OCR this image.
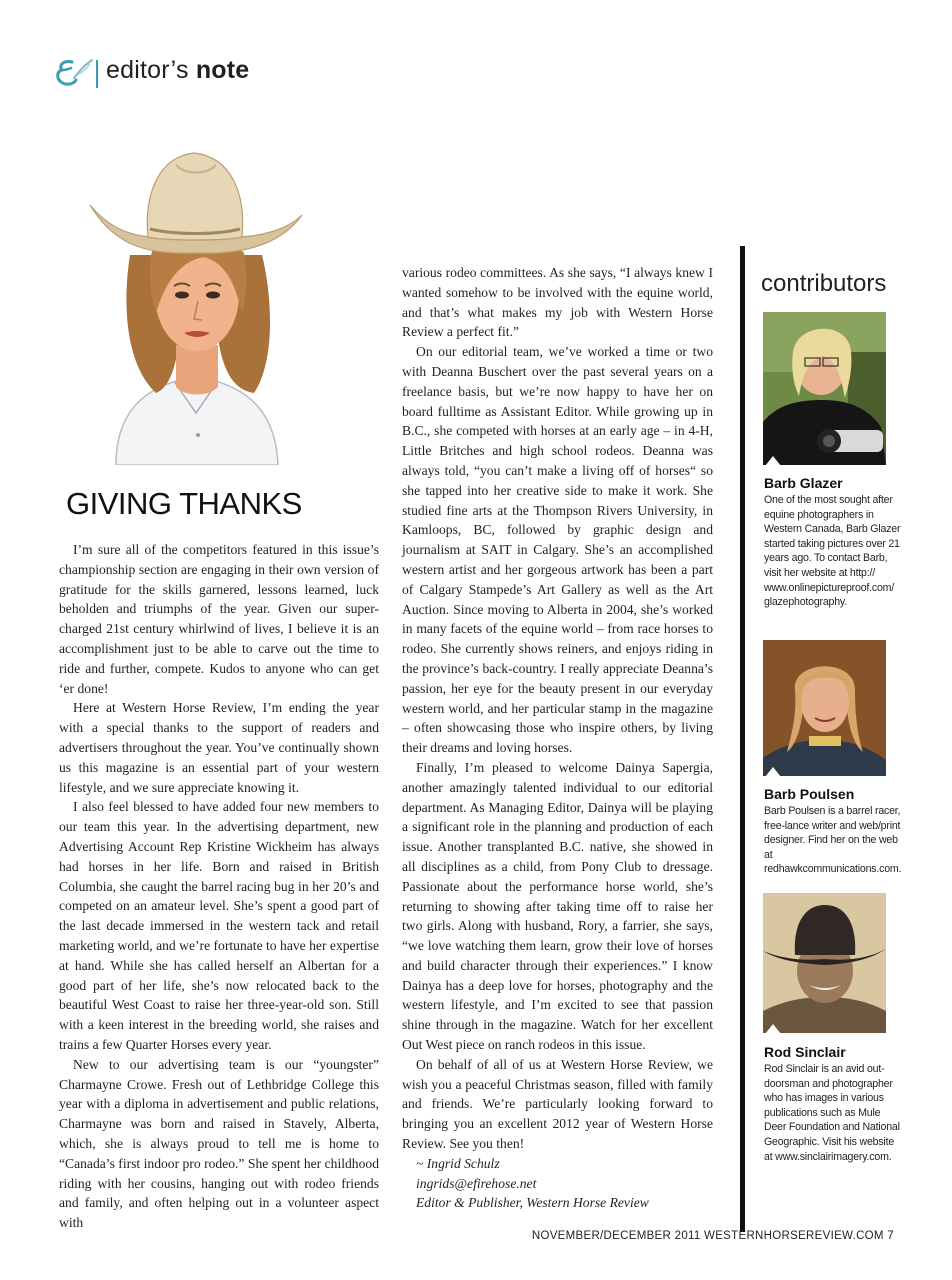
editor’s note
GIVING THANKS

I’m sure all of the competitors featured in this issue’s championship section are engaging in their own version of gratitude for the skills garnered, lessons learned, luck beholden and triumphs of the year. Given our super-charged 21st century whirlwind of lives, I believe it is an accomplishment just to be able to carve out the time to ride and further, compete. Kudos to anyone who can get ‘er done!

Here at Western Horse Review, I’m ending the year with a special thanks to the support of readers and advertisers throughout the year. You’ve continually shown us this magazine is an essential part of your western lifestyle, and we sure appreciate knowing it.

I also feel blessed to have added four new members to our team this year. In the advertising department, new Advertising Account Rep Kristine Wickheim has always had horses in her life. Born and raised in British Columbia, she caught the barrel racing bug in her 20’s and competed on an amateur level. She’s spent a good part of the last decade immersed in the western tack and retail marketing world, and we’re fortunate to have her expertise at hand. While she has called herself an Albertan for a good part of her life, she’s now relocated back to the beautiful West Coast to raise her three-year-old son. Still with a keen interest in the breeding world, she raises and trains a few Quarter Horses every year.

New to our advertising team is our “youngster” Charmayne Crowe. Fresh out of Lethbridge College this year with a diploma in advertisement and public relations, Charmayne was born and raised in Stavely, Alberta, which, she is always proud to tell me is home to “Canada’s first indoor pro rodeo.” She spent her childhood riding with her cousins, hanging out with rodeo friends and family, and often helping out in a volunteer aspect with

various rodeo committees. As she says, “I always knew I wanted somehow to be involved with the equine world, and that’s what makes my job with Western Horse Review a perfect fit.”

On our editorial team, we’ve worked a time or two with Deanna Buschert over the past several years on a freelance basis, but we’re now happy to have her on board fulltime as Assistant Editor. While growing up in B.C., she competed with horses at an early age – in 4-H, Little Britches and high school rodeos. Deanna was always told, “you can’t make a living off of horses“ so she tapped into her creative side to make it work. She studied fine arts at the Thompson Rivers University, in Kamloops, BC, followed by graphic design and journalism at SAIT in Calgary. She’s an accomplished western artist and her gorgeous artwork has been a part of Calgary Stampede’s Art Gallery as well as the Art Auction. Since moving to Alberta in 2004, she’s worked in many facets of the equine world – from race horses to rodeo. She currently shows reiners, and enjoys riding in the province’s back-country. I really appreciate Deanna’s passion, her eye for the beauty present in our everyday western world, and her particular stamp in the magazine – often showcasing those who inspire others, by living their dreams and loving horses.

Finally, I’m pleased to welcome Dainya Sapergia, another amazingly talented individual to our editorial department. As Managing Editor, Dainya will be playing a significant role in the planning and production of each issue. Another transplanted B.C. native, she showed in all disciplines as a child, from Pony Club to dressage. Passionate about the performance horse world, she’s returning to showing after taking time off to raise her two girls. Along with husband, Rory, a farrier, she says, “we love watching them learn, grow their love of horses and build character through their experiences.” I know Dainya has a deep love for horses, photography and the western lifestyle, and I’m excited to see that passion shine through in the magazine. Watch for her excellent Out West piece on ranch rodeos in this issue.

On behalf of all of us at Western Horse Review, we wish you a peaceful Christmas season, filled with family and friends. We’re particularly looking forward to bringing you an excellent 2012 year of Western Horse Review. See you then!

~ Ingrid Schulz

ingrids@efirehose.net

Editor & Publisher, Western Horse Review

contributors
Barb Glazer
One of the most sought after equine photographers in Western Canada, Barb Glazer started taking pictures over 21 years ago. To contact Barb, visit her website at http:// www.onlinepictureproof.com/ glazephotography.
Barb Poulsen
Barb Poulsen is a barrel racer, free-lance writer and web/print designer. Find her on the web at redhawkcommunications.com.
Rod Sinclair
Rod Sinclair is an avid out-doorsman and photographer who has images in various publications such as Mule Deer Foundation and National Geographic. Visit his website at www.sinclairimagery.com.
NOVEMBER/DECEMBER 2011 WESTERNHORSEREVIEW.COM 7
